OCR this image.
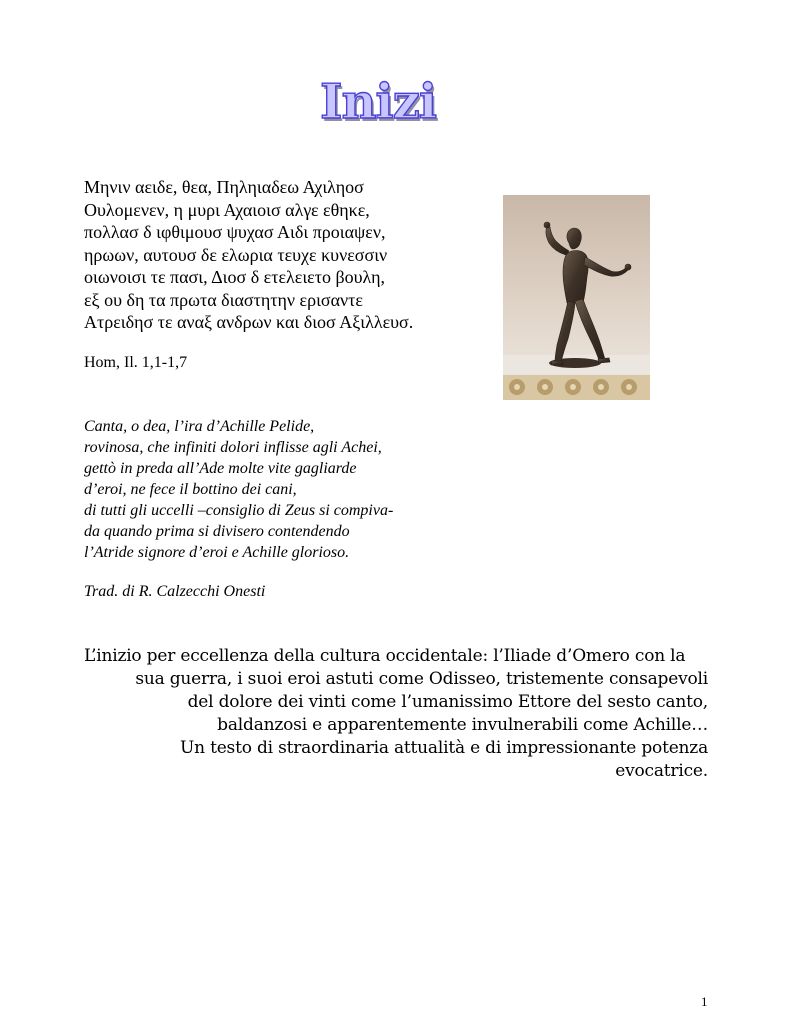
Inizi
Μηνιν αειδε, θεα, Πηληιαδεω Αχιληοσ
Ουλομενεν, η μυρι Αχαιοισ αλγε εθηκε,
πολλασ δ ιφθιμουσ ψυχασ Αιδι προιαψεν,
ηρωων, αυτουσ δε ελωρια τευχε κυνεσσιν
οιωνοισι τε πασι, Διοσ δ ετελειετο βουλη,
εξ ου δη τα πρωτα διαστητην ερισαντε
Ατρειδησ τε αναξ ανδρων και διοσ Αξιλλευσ.
Hom, Il. 1,1-1,7
Canta, o dea, l’ira d’Achille Pelide,
rovinosa, che infiniti dolori inflisse agli Achei,
gettò in preda all’Ade molte vite gagliarde
d’eroi, ne fece il bottino dei cani,
di tutti gli uccelli –consiglio di Zeus si compiva-
da quando prima si divisero contendendo
l’Atride signore d’eroi e Achille glorioso.
Trad. di R. Calzecchi Onesti
L’inizio per eccellenza della cultura occidentale: l’Iliade d’Omero con la
sua guerra, i suoi eroi astuti come Odisseo, tristemente consapevoli
del dolore dei vinti come l’umanissimo Ettore del sesto canto,
baldanzosi e apparentemente invulnerabili come Achille…
Un testo di straordinaria attualità e di impressionante potenza
evocatrice.
1
